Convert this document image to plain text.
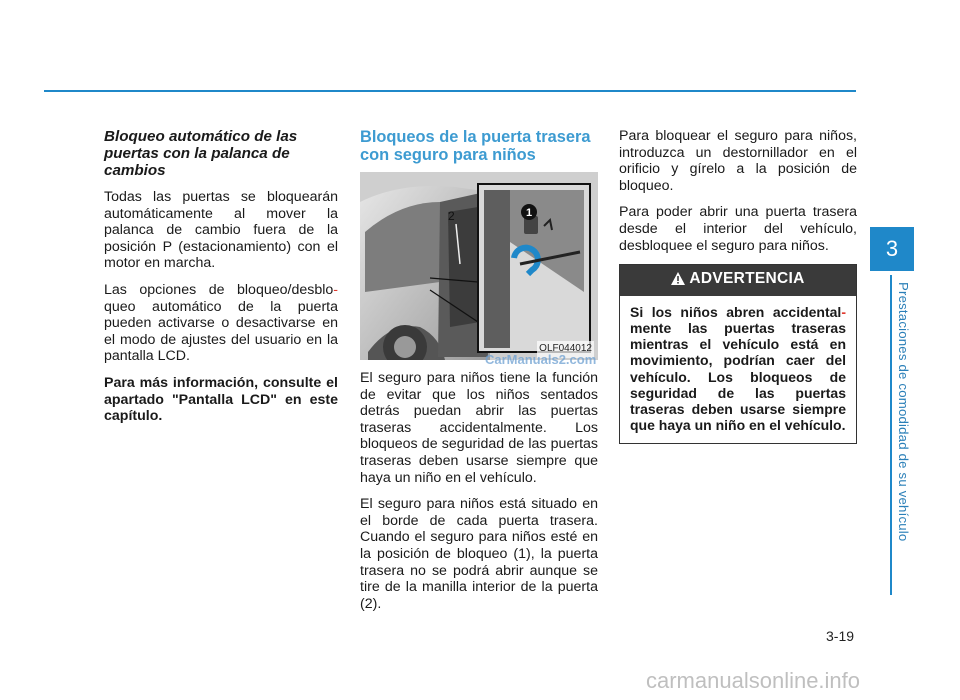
Bloqueo automático de las puertas con la palanca de cambios

Todas las puertas se bloquearán automáticamente al mover la palanca de cambio fuera de la posición P (estacionamiento) con el motor en marcha.

Las opciones de bloqueo/desblo-queo automático de la puerta pueden activarse o desactivarse en el modo de ajustes del usuario en la pantalla LCD.

Para más información, consulte el apartado "Pantalla LCD" en este capítulo.

Bloqueos de la puerta trasera con seguro para niños
2	1
OLF044012

El seguro para niños tiene la función de evitar que los niños sentados detrás puedan abrir las puertas traseras accidentalmente. Los bloqueos de seguridad de las puertas traseras deben usarse siempre que haya un niño en el vehículo.

El seguro para niños está situado en el borde de cada puerta trasera. Cuando el seguro para niños esté en la posición de bloqueo (1), la puerta trasera no se podrá abrir aunque se tire de la manilla interior de la puerta (2).

Para bloquear el seguro para niños, introduzca un destornillador en el orificio y gírelo a la posición de bloqueo.

Para poder abrir una puerta trasera desde el interior del vehículo, desbloquee el seguro para niños.

ADVERTENCIA
Si los niños abren accidental-mente las puertas traseras mientras el vehículo está en movimiento, podrían caer del vehículo. Los bloqueos de seguridad de las puertas traseras deben usarse siempre que haya un niño en el vehículo.
3
Prestaciones de comodidad de su vehículo
3-19
CarManuals2.com
carmanualsonline.info
